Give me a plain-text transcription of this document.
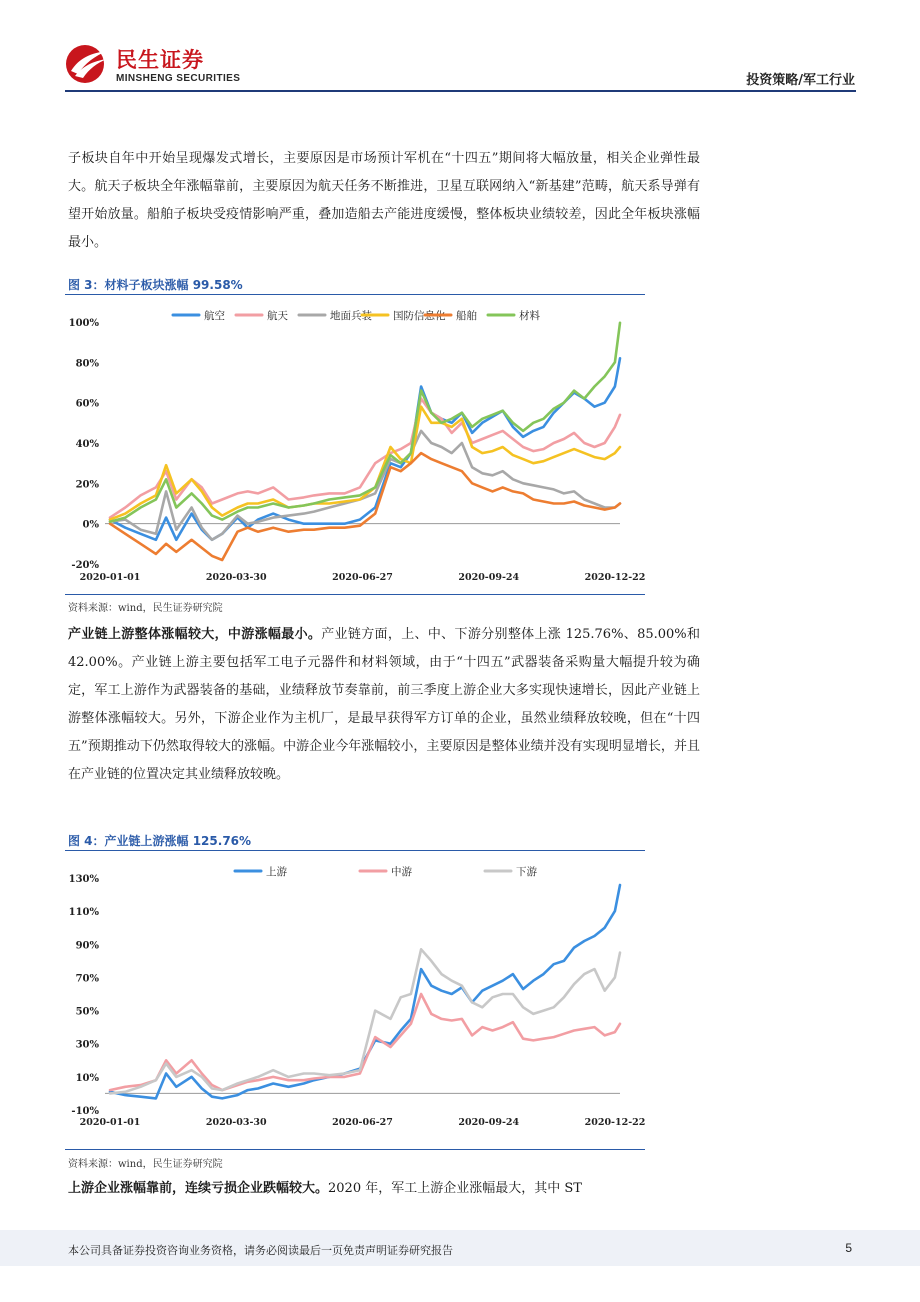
民生证券
MINSHENG SECURITIES	投资策略/军工行业
子板块自年中开始呈现爆发式增长，主要原因是市场预计军机在“十四五”期间将大幅放量，相关企业弹性最大。航天子板块全年涨幅靠前，主要原因为航天任务不断推进，卫星互联网纳入“新基建”范畴，航天系导弹有望开始放量。船舶子板块受疫情影响严重，叠加造船去产能进度缓慢，整体板块业绩较差，因此全年板块涨幅最小。
图 3：材料子板块涨幅 99.58%
-20%
0%
20%
40%
60%
80%
100%
2020-01-01	2020-03-30	2020-06-27	2020-09-24	2020-12-22
航空	航天	地面兵装 国防信息化 船舶	材料
资料来源：wind，民生证券研究院
产业链上游整体涨幅较大，中游涨幅最小。产业链方面，上、中、下游分别整体上涨 125.76%、85.00%和 42.00%。产业链上游主要包括军工电子元器件和材料领域，由于“十四五”武器装备采购量大幅提升较为确定，军工上游作为武器装备的基础，业绩释放节奏靠前，前三季度上游企业大多实现快速增长，因此产业链上游整体涨幅较大。另外，下游企业作为主机厂，是最早获得军方订单的企业，虽然业绩释放较晚，但在“十四五”预期推动下仍然取得较大的涨幅。中游企业今年涨幅较小，主要原因是整体业绩并没有实现明显增长，并且在产业链的位置决定其业绩释放较晚。
图 4：产业链上游涨幅 125.76%
-10%
10%
30%
50%
70%
90%
110%
130%
2020-01-01	2020-03-30	2020-06-27	2020-09-24	2020-12-22
上游	中游	下游
资料来源：wind，民生证券研究院
上游企业涨幅靠前，连续亏损企业跌幅较大。2020 年，军工上游企业涨幅最大，其中 ST
本公司具备证券投资咨询业务资格，请务必阅读最后一页免责声明证券研究报告	5
